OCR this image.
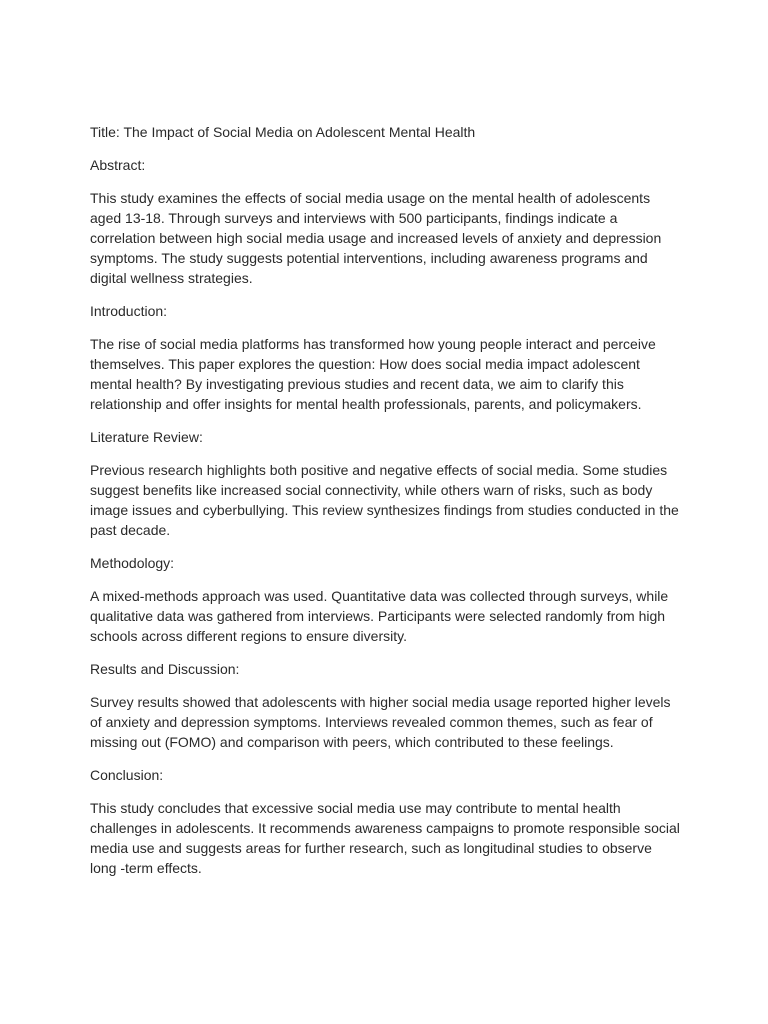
Title: The Impact of Social Media on Adolescent Mental Health

Abstract:

This study examines the effects of social media usage on the mental health of adolescents aged 13-18. Through surveys and interviews with 500 participants, findings indicate a correlation between high social media usage and increased levels of anxiety and depression symptoms. The study suggests potential interventions, including awareness programs and digital wellness strategies.

Introduction:

The rise of social media platforms has transformed how young people interact and perceive themselves. This paper explores the question: How does social media impact adolescent mental health? By investigating previous studies and recent data, we aim to clarify this relationship and offer insights for mental health professionals, parents, and policymakers.

Literature Review:

Previous research highlights both positive and negative effects of social media. Some studies suggest benefits like increased social connectivity, while others warn of risks, such as body image issues and cyberbullying. This review synthesizes findings from studies conducted in the past decade.

Methodology:

A mixed-methods approach was used. Quantitative data was collected through surveys, while qualitative data was gathered from interviews. Participants were selected randomly from high schools across different regions to ensure diversity.

Results and Discussion:

Survey results showed that adolescents with higher social media usage reported higher levels of anxiety and depression symptoms. Interviews revealed common themes, such as fear of missing out (FOMO) and comparison with peers, which contributed to these feelings.

Conclusion:

This study concludes that excessive social media use may contribute to mental health challenges in adolescents. It recommends awareness campaigns to promote responsible social media use and suggests areas for further research, such as longitudinal studies to observe long -term effects.
